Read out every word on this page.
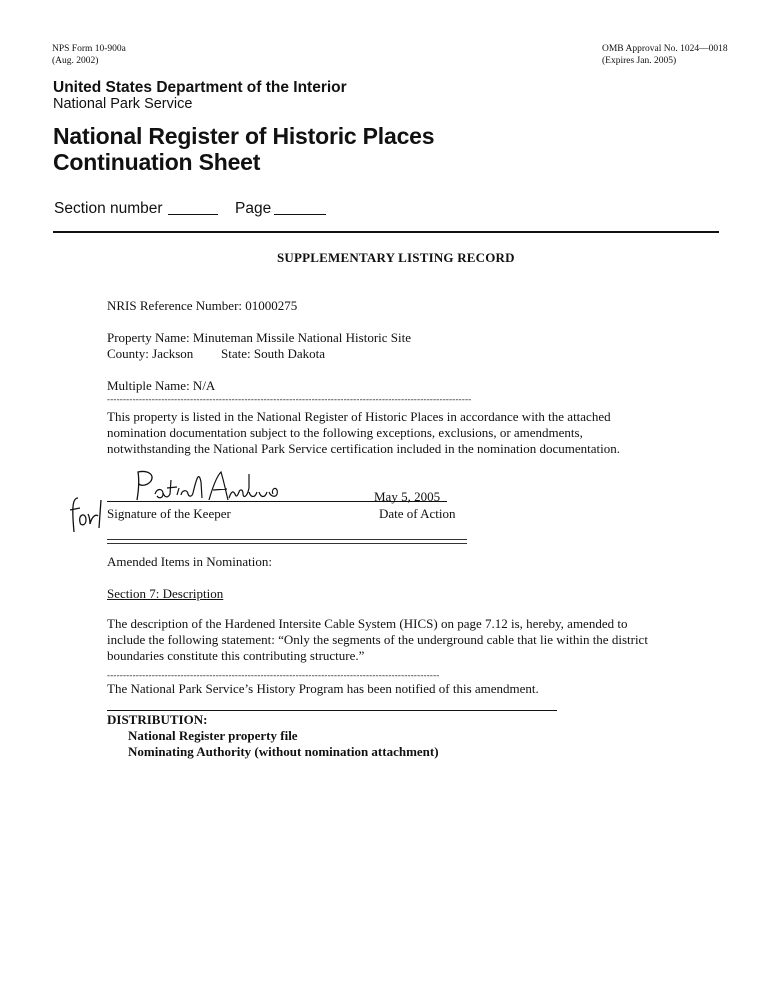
NPS Form 10-900a
(Aug. 2002)
OMB Approval No. 1024—0018
(Expires Jan. 2005)
United States Department of the Interior
National Park Service
National Register of Historic Places
Continuation Sheet
Section number	Page
SUPPLEMENTARY LISTING RECORD
NRIS Reference Number: 01000275
Property Name: Minuteman Missile National Historic Site
County: Jackson State: South Dakota
Multiple Name: N/A
------------------------------------------------------------------------------------------------------------------
This property is listed in the National Register of Historic Places in accordance with the attached nomination documentation subject to the following exceptions, exclusions, or amendments, notwithstanding the National Park Service certification included in the nomination documentation.
May 5, 2005
Signature of the Keeper	Date of Action
Amended Items in Nomination:
Section 7: Description
The description of the Hardened Intersite Cable System (HICS) on page 7.12 is, hereby, amended to include the following statement: “Only the segments of the underground cable that lie within the district boundaries constitute this contributing structure.”
--------------------------------------------------------------------------------------------------------
The National Park Service’s History Program has been notified of this amendment.
DISTRIBUTION:
National Register property file
Nominating Authority (without nomination attachment)
